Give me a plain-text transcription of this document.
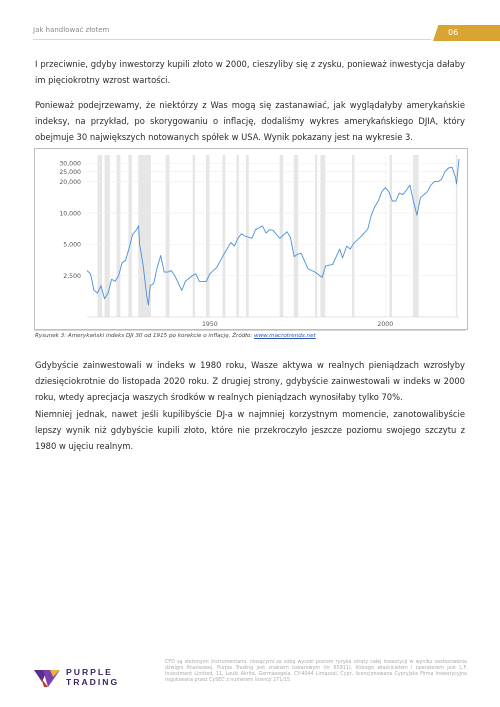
Jak handlować złotem	06

I przeciwnie, gdyby inwestorzy kupili złoto w 2000, cieszyliby się z zysku, ponieważ inwestycja dałaby im pięciokrotny wzrost wartości.

Ponieważ podejrzewamy, że niektórzy z Was mogą się zastanawiać, jak wyglądałyby amerykańskie indeksy, na przykład, po skorygowaniu o inflację, dodaliśmy wykres amerykańskiego DJIA, który obejmuje 30 największych notowanych spółek w USA. Wynik pokazany jest na wykresie 3.

2,500
5,000
10,000
20,000
25,000
30,000
1950	2000
Rysunek 3: Amerykański indeks DJI 30 od 1915 po korekcie o inflację. Źródło: www.macrotrends.net

Gdybyście zainwestowali w indeks w 1980 roku, Wasze aktywa w realnych pieniądzach wzrosłyby dziesięciokrotnie do listopada 2020 roku. Z drugiej strony, gdybyście zainwestowali w indeks w 2000 roku, wtedy aprecjacja waszych środków w realnych pieniądzach wynosiłaby tylko 70%.

Niemniej jednak, nawet jeśli kupilibyście DJ-a w najmniej korzystnym momencie, zanotowalibyście lepszy wynik niż gdybyście kupili złoto, które nie przekroczyło jeszcze poziomu swojego szczytu z 1980 w ujęciu realnym.

PURPLE
TRADING
CFD są złożonymi instrumentami, niosącymi za sobą wysoki poziom ryzyka utraty całej inwestycji w wyniku zastosowania dźwigni finansowej. Purple Trading jest znakiem towarowym (nr 65911), którego właścicielem i operatorem jest L.F. Investment Limited, 11, Louki Akrita, Germasogeia, CY-4044 Limassol, Cypr, licencjonowana Cypryjska Firma Inwestycyjna regulowana przez CySEC z numerem licencji 271/15.
